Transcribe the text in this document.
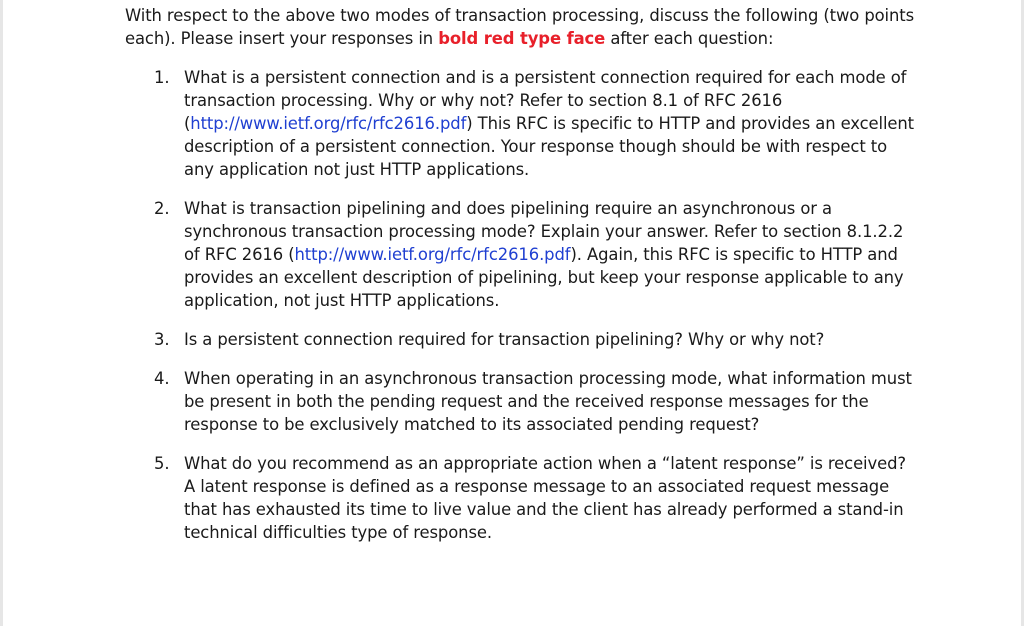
With respect to the above two modes of transaction processing, discuss the following (two points each). Please insert your responses in bold red type face after each question:

1. What is a persistent connection and is a persistent connection required for each mode of transaction processing. Why or why not? Refer to section 8.1 of RFC 2616 (http://www.ietf.org/rfc/rfc2616.pdf) This RFC is specific to HTTP and provides an excellent description of a persistent connection. Your response though should be with respect to any application not just HTTP applications.
2. What is transaction pipelining and does pipelining require an asynchronous or a synchronous transaction processing mode? Explain your answer. Refer to section 8.1.2.2 of RFC 2616 (http://www.ietf.org/rfc/rfc2616.pdf). Again, this RFC is specific to HTTP and provides an excellent description of pipelining, but keep your response applicable to any application, not just HTTP applications.
3. Is a persistent connection required for transaction pipelining? Why or why not?
4. When operating in an asynchronous transaction processing mode, what information must be present in both the pending request and the received response messages for the response to be exclusively matched to its associated pending request?
5. What do you recommend as an appropriate action when a “latent response” is received? A latent response is defined as a response message to an associated request message that has exhausted its time to live value and the client has already performed a stand-in technical difficulties type of response.
